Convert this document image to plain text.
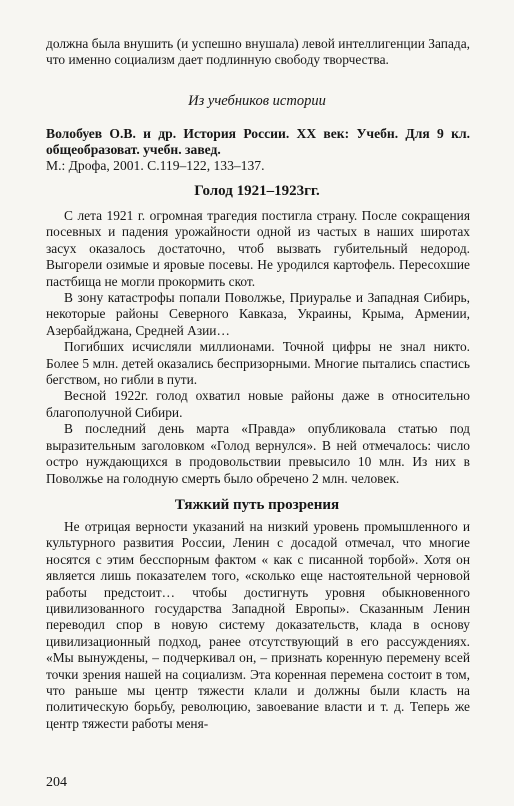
должна была внушить (и успешно внушала) левой интеллигенции Запада, что именно социализм дает подлинную свободу творчества.

Из учебников истории

Волобуев О.В. и др. История России. XX век: Учебн. Для 9 кл. общеобразоват. учебн. завед.

М.: Дрофа, 2001. С.119–122, 133–137.

Голод 1921–1923гг.

С лета 1921 г. огромная трагедия постигла страну. После сокращения посевных и падения урожайности одной из частых в наших широтах засух оказалось достаточно, чтоб вызвать губительный недород. Выгорели озимые и яровые посевы. Не уродился картофель. Пересохшие пастбища не могли прокормить скот.

В зону катастрофы попали Поволжье, Приуралье и Западная Сибирь, некоторые районы Северного Кавказа, Украины, Крыма, Армении, Азербайджана, Средней Азии…

Погибших исчисляли миллионами. Точной цифры не знал никто. Более 5 млн. детей оказались беспризорными. Многие пытались спастись бегством, но гибли в пути.

Весной 1922г. голод охватил новые районы даже в относительно благополучной Сибири.

В последний день марта «Правда» опубликовала статью под выразительным заголовком «Голод вернулся». В ней отмечалось: число остро нуждающихся в продовольствии превысило 10 млн. Из них в Поволжье на голодную смерть было обречено 2 млн. человек.

Тяжкий путь прозрения

Не отрицая верности указаний на низкий уровень промышленного и культурного развития России, Ленин с досадой отмечал, что многие носятся с этим бесспорным фактом « как с писанной торбой». Хотя он является лишь показателем того, «сколько еще настоятельной черновой работы предстоит… чтобы достигнуть уровня обыкновенного цивилизованного государства Западной Европы». Сказанным Ленин переводил спор в новую систему доказательств, клада в основу цивилизационный подход, ранее отсутствующий в его рассуждениях. «Мы вынуждены, – подчеркивал он, – признать коренную перемену всей точки зрения нашей на социализм. Эта коренная перемена состоит в том, что раньше мы центр тяжести клали и должны были класть на политическую борьбу, революцию, завоевание власти и т. д. Теперь же центр тяжести работы меня-

204
